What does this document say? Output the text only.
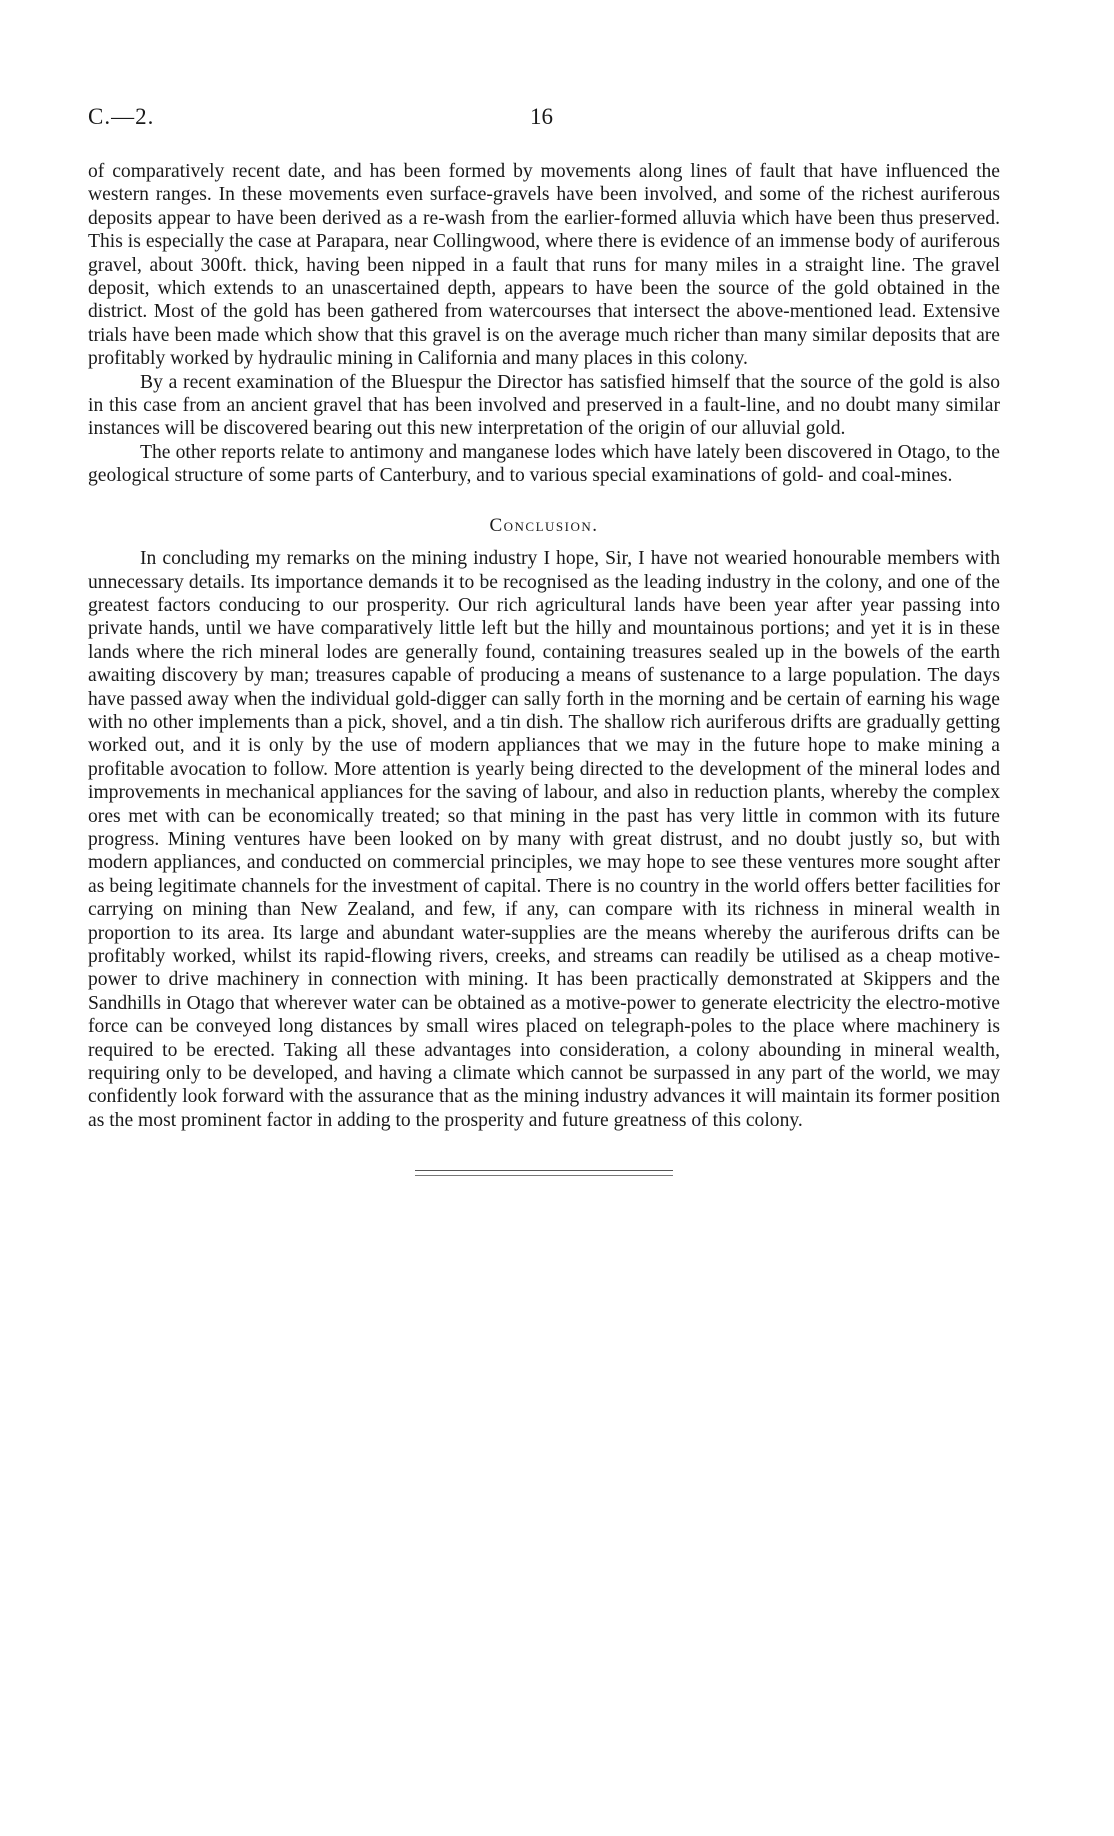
C.—2.	16

of comparatively recent date, and has been formed by movements along lines of fault that have influenced the western ranges. In these movements even surface-gravels have been involved, and some of the richest auriferous deposits appear to have been derived as a re-wash from the earlier-formed alluvia which have been thus preserved. This is especially the case at Parapara, near Collingwood, where there is evidence of an immense body of auriferous gravel, about 300ft. thick, having been nipped in a fault that runs for many miles in a straight line. The gravel deposit, which extends to an unascertained depth, appears to have been the source of the gold obtained in the district. Most of the gold has been gathered from watercourses that intersect the above-mentioned lead. Extensive trials have been made which show that this gravel is on the average much richer than many similar deposits that are profitably worked by hydraulic mining in California and many places in this colony.

By a recent examination of the Bluespur the Director has satisfied himself that the source of the gold is also in this case from an ancient gravel that has been involved and preserved in a fault-line, and no doubt many similar instances will be discovered bearing out this new interpretation of the origin of our alluvial gold.

The other reports relate to antimony and manganese lodes which have lately been discovered in Otago, to the geological structure of some parts of Canterbury, and to various special examinations of gold- and coal-mines.

Conclusion.

In concluding my remarks on the mining industry I hope, Sir, I have not wearied honourable members with unnecessary details. Its importance demands it to be recognised as the leading industry in the colony, and one of the greatest factors conducing to our prosperity. Our rich agricultural lands have been year after year passing into private hands, until we have comparatively little left but the hilly and mountainous portions; and yet it is in these lands where the rich mineral lodes are generally found, containing treasures sealed up in the bowels of the earth awaiting discovery by man; treasures capable of producing a means of sustenance to a large population. The days have passed away when the individual gold-digger can sally forth in the morning and be certain of earning his wage with no other implements than a pick, shovel, and a tin dish. The shallow rich auriferous drifts are gradually getting worked out, and it is only by the use of modern appliances that we may in the future hope to make mining a profitable avocation to follow. More attention is yearly being directed to the development of the mineral lodes and improvements in mechanical appliances for the saving of labour, and also in reduction plants, whereby the complex ores met with can be economically treated; so that mining in the past has very little in common with its future progress. Mining ventures have been looked on by many with great distrust, and no doubt justly so, but with modern appliances, and conducted on commercial principles, we may hope to see these ventures more sought after as being legitimate channels for the investment of capital. There is no country in the world offers better facilities for carrying on mining than New Zealand, and few, if any, can compare with its richness in mineral wealth in proportion to its area. Its large and abundant water-supplies are the means whereby the auriferous drifts can be profitably worked, whilst its rapid-flowing rivers, creeks, and streams can readily be utilised as a cheap motive-power to drive machinery in connection with mining. It has been practically demonstrated at Skippers and the Sandhills in Otago that wherever water can be obtained as a motive-power to generate electricity the electro-motive force can be conveyed long distances by small wires placed on telegraph-poles to the place where machinery is required to be erected. Taking all these advantages into consideration, a colony abounding in mineral wealth, requiring only to be developed, and having a climate which cannot be surpassed in any part of the world, we may confidently look forward with the assurance that as the mining industry advances it will maintain its former position as the most prominent factor in adding to the prosperity and future greatness of this colony.
